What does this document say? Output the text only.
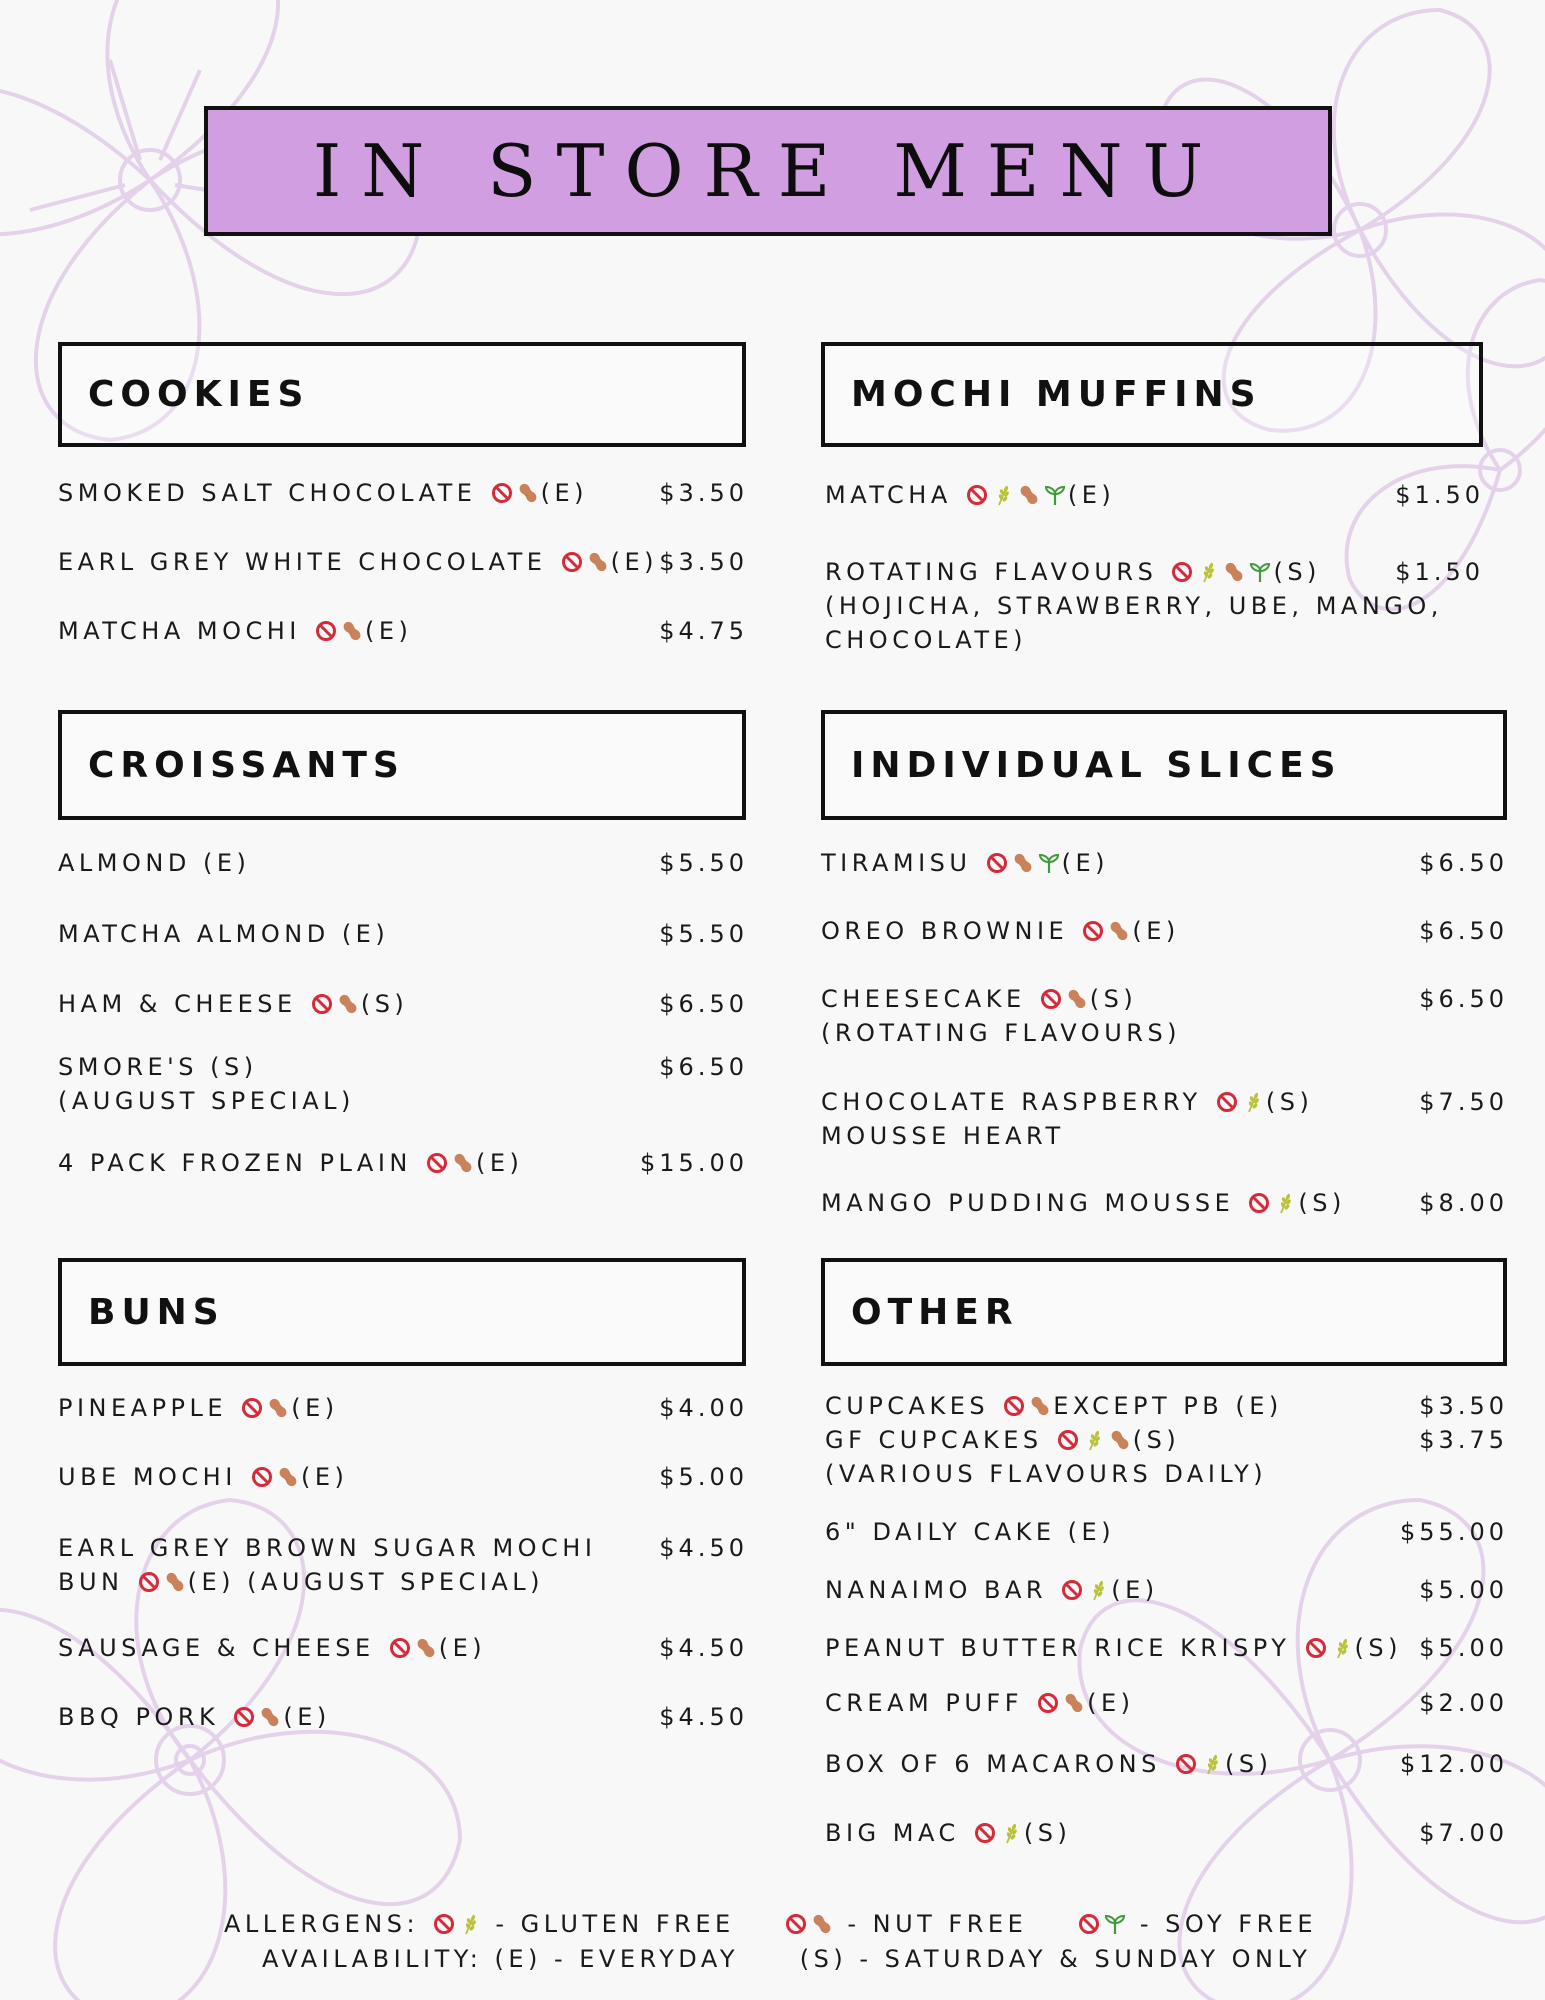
IN STORE MENU
COOKIES
CROISSANTS
BUNS
MOCHI MUFFINS
INDIVIDUAL SLICES
OTHER
SMOKED SALT CHOCOLATE	(E)	$3.50
EARL GREY WHITE CHOCOLATE	(E) $3.50
MATCHA MOCHI	(E)	$4.75
ALMOND (E)	$5.50
MATCHA ALMOND (E)	$5.50
HAM & CHEESE	(S)	$6.50
SMORE'S (S)
(AUGUST SPECIAL)
$6.50
4 PACK FROZEN PLAIN	(E)	$15.00
PINEAPPLE	(E)	$4.00
UBE MOCHI	(E)	$5.00
EARL GREY BROWN SUGAR MOCHI
BUN	(E) (AUGUST SPECIAL)
$4.50
SAUSAGE & CHEESE	(E)	$4.50
BBQ PORK	(E)	$4.50
MATCHA	(E)	$1.50
ROTATING FLAVOURS	(S)
(HOJICHA, STRAWBERRY, UBE, MANGO,
CHOCOLATE)
$1.50
TIRAMISU	(E)	$6.50
OREO BROWNIE	(E)	$6.50
CHEESECAKE	(S)
(ROTATING FLAVOURS)
$6.50
CHOCOLATE RASPBERRY	(S)
MOUSSE HEART
$7.50
MANGO PUDDING MOUSSE	(S)	$8.00
CUPCAKES	EXCEPT PB (E)	$3.50
GF CUPCAKES	(S)
(VARIOUS FLAVOURS DAILY)
$3.75
6" DAILY CAKE (E)	$55.00
NANAIMO BAR	(E)	$5.00
PEANUT BUTTER RICE KRISPY	(S) $5.00
CREAM PUFF	(E)	$2.00
BOX OF 6 MACARONS	(S)	$12.00
BIG MAC	(S)	$7.00
ALLERGENS:	- GLUTEN FREE	- NUT FREE	- SOY FREE
AVAILABILITY: (E) - EVERYDAY	(S) - SATURDAY & SUNDAY ONLY
